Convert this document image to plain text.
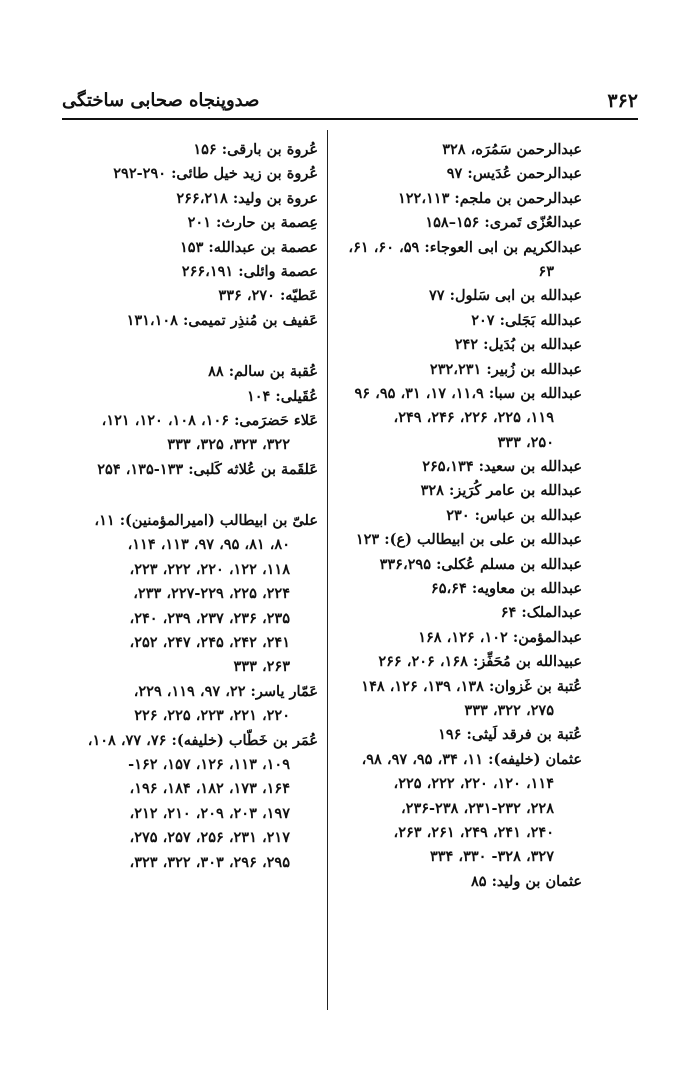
۳۶۲
صدوپنجاه صحابی ساختگی
عبدالرحمن سَمُرَه، ۳۲۸
عبدالرحمن عُدَیس: ۹۷
عبدالرحمن بن ملجم: ۱۲۲،۱۱۳
عبدالعُزّی تَمری: ۱۵۶–۱۵۸
عبدالکریم بن ابی العوجاء: ۵۹، ۶۰، ۶۱،
۶۳
عبدالله بن ابی سَلول: ۷۷
عبدالله بَجَلی: ۲۰۷
عبدالله بن بُدَیل: ۲۴۲
عبدالله بن زُبیر: ۲۳۲،۲۳۱
عبدالله بن سبا: ۱۱،۹، ۱۷، ۳۱، ۹۵، ۹۶
۱۱۹، ۲۲۵، ۲۲۶، ۲۴۶، ۲۴۹،
۲۵۰، ۳۳۳
عبدالله بن سعید: ۲۶۵،۱۳۴
عبدالله بن عامر کُرَیز: ۳۲۸
عبدالله بن عباس: ۲۳۰
عبدالله بن علی بن ابیطالب (ع): ۱۲۳
عبدالله بن مسلم عُکلی: ۳۳۶،۲۹۵
عبدالله بن معاویه: ۶۵،۶۴
عبدالملک: ۶۴
عبدالمؤمن: ۱۰۲، ۱۲۶، ۱۶۸
عبیدالله بن مُحَفِّز: ۱۶۸، ۲۰۶، ۲۶۶
عُتبة بن غَزوان: ۱۳۸، ۱۳۹، ۱۲۶، ۱۴۸
۲۷۵، ۳۲۲، ۳۳۳
عُتبة بن فرقد لَیثی: ۱۹۶
عثمان (خلیفه): ۱۱، ۳۴، ۹۵، ۹۷، ۹۸،
۱۱۴، ۱۲۰، ۲۲۰، ۲۲۲، ۲۲۵،
۲۲۸، ۲۳۱-۲۳۲، ۲۳۶-۲۳۸،
۲۴۰، ۲۴۱، ۲۴۹، ۲۶۱، ۲۶۳،
۳۲۷، ۳۲۸- ۳۳۰، ۳۳۴
عثمان بن ولید: ۸۵
عُروة بن بارقی: ۱۵۶
عُروة بن زید خیل طائی: ۲۹۰-۲۹۲
عروة بن ولید: ۲۶۶،۲۱۸
عِصمة بن حارث: ۲۰۱
عصمة بن عبدالله: ۱۵۳
عصمة وائلی: ۲۶۶،۱۹۱
عَطیّه: ۲۷۰، ۳۳۶
عَفیف بن مُنذِر تمیمی: ۱۳۱،۱۰۸
عُقبة بن سالم: ۸۸
عُقَیلی: ۱۰۴
عَلاء حَضرَمی: ۱۰۶، ۱۰۸، ۱۲۰، ۱۲۱،
۳۲۲، ۳۲۳، ۳۲۵، ۳۳۳
عَلقَمة بن عُلاثه کَلبی: ۱۳۳-۱۳۵، ۲۵۴
علیّ بن ابیطالب (امیرالمؤمنین): ۱۱،
۸۰، ۸۱، ۹۵، ۹۷، ۱۱۳، ۱۱۴،
۱۱۸، ۱۲۲، ۲۲۰، ۲۲۲، ۲۲۳،
۲۲۴، ۲۲۵، ۲۲۷-۲۲۹، ۲۳۳،
۲۳۵، ۲۳۶، ۲۳۷، ۲۳۹، ۲۴۰،
۲۴۱، ۲۴۲، ۲۴۵، ۲۴۷، ۲۵۲،
۲۶۳، ۳۳۳
عَمّار یاسر: ۲۲، ۹۷، ۱۱۹، ۲۲۹،
۲۲۰، ۲۲۱، ۲۲۳، ۲۲۵، ۲۲۶
عُمَر بن خَطّاب (خلیفه): ۷۶، ۷۷، ۱۰۸،
۱۰۹، ۱۱۳، ۱۲۶، ۱۵۷، ۱۶۲-
۱۶۴، ۱۷۳، ۱۸۲، ۱۸۴، ۱۹۶،
۱۹۷، ۲۰۳، ۲۰۹، ۲۱۰، ۲۱۲،
۲۱۷، ۲۳۱، ۲۵۶، ۲۵۷، ۲۷۵،
۲۹۵، ۲۹۶، ۳۰۳، ۳۲۲، ۳۲۳،
